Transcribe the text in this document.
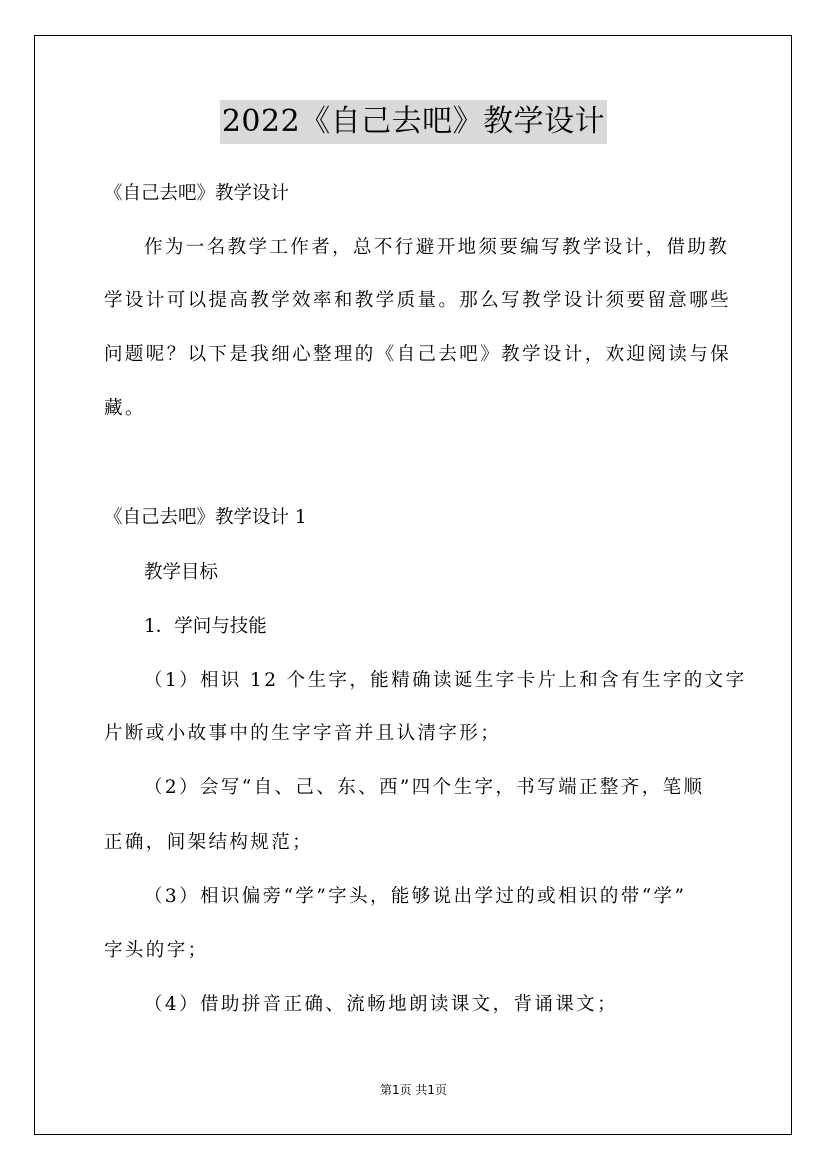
2022《自己去吧》教学设计
《自己去吧》教学设计
作为一名教学工作者，总不行避开地须要编写教学设计，借助教
学设计可以提高教学效率和教学质量。那么写教学设计须要留意哪些
问题呢？以下是我细心整理的《自己去吧》教学设计，欢迎阅读与保
藏。
《自己去吧》教学设计 1
教学目标
1．学问与技能
（1）相识 12 个生字，能精确读诞生字卡片上和含有生字的文字
片断或小故事中的生字字音并且认清字形；
（2）会写“自、己、东、西”四个生字，书写端正整齐，笔顺
正确，间架结构规范；
（3）相识偏旁“学”字头，能够说出学过的或相识的带“学”
字头的字；
（4）借助拼音正确、流畅地朗读课文，背诵课文；
第1页 共1页
